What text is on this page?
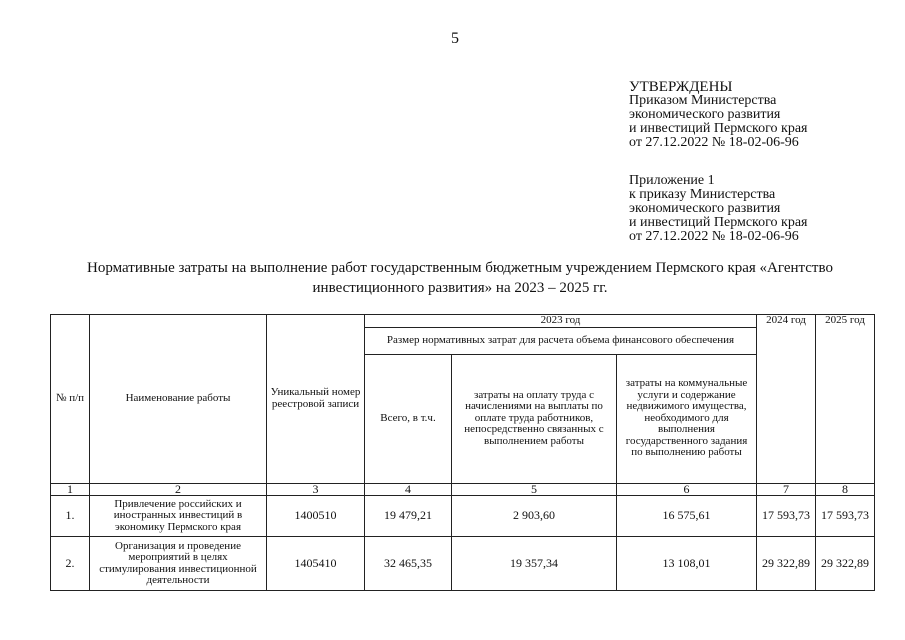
5
УТВЕРЖДЕНЫ
Приказом Министерства
экономического развития
и инвестиций Пермского края
от 27.12.2022 № 18-02-06-96
Приложение 1
к приказу Министерства
экономического развития
и инвестиций Пермского края
от 27.12.2022 № 18-02-06-96
Нормативные затраты на выполнение работ государственным бюджетным учреждением Пермского края «Агентство
инвестиционного развития» на 2023 – 2025 гг.
№ п/п	Наименование работы	Уникальный номер реестровой записи	2023 год			2024 год	2025 год
			Размер нормативных затрат для расчета объема финансового обеспечения				
			Всего, в т.ч.	затраты на оплату труда с начислениями на выплаты по оплате труда работников, непосредственно связанных с выполнением работы	затраты на коммунальные услуги и содержание недвижимого имущества, необходимого для выполнения государственного задания по выполнению работы		
1	2	3	4	5	6	7	8
1.	Привлечение российских и иностранных инвестиций в экономику Пермского края	1400510	19 479,21	2 903,60	16 575,61	17 593,73	17 593,73
2.	Организация и проведение мероприятий в целях стимулирования инвестиционной деятельности	1405410	32 465,35	19 357,34	13 108,01	29 322,89	29 322,89
